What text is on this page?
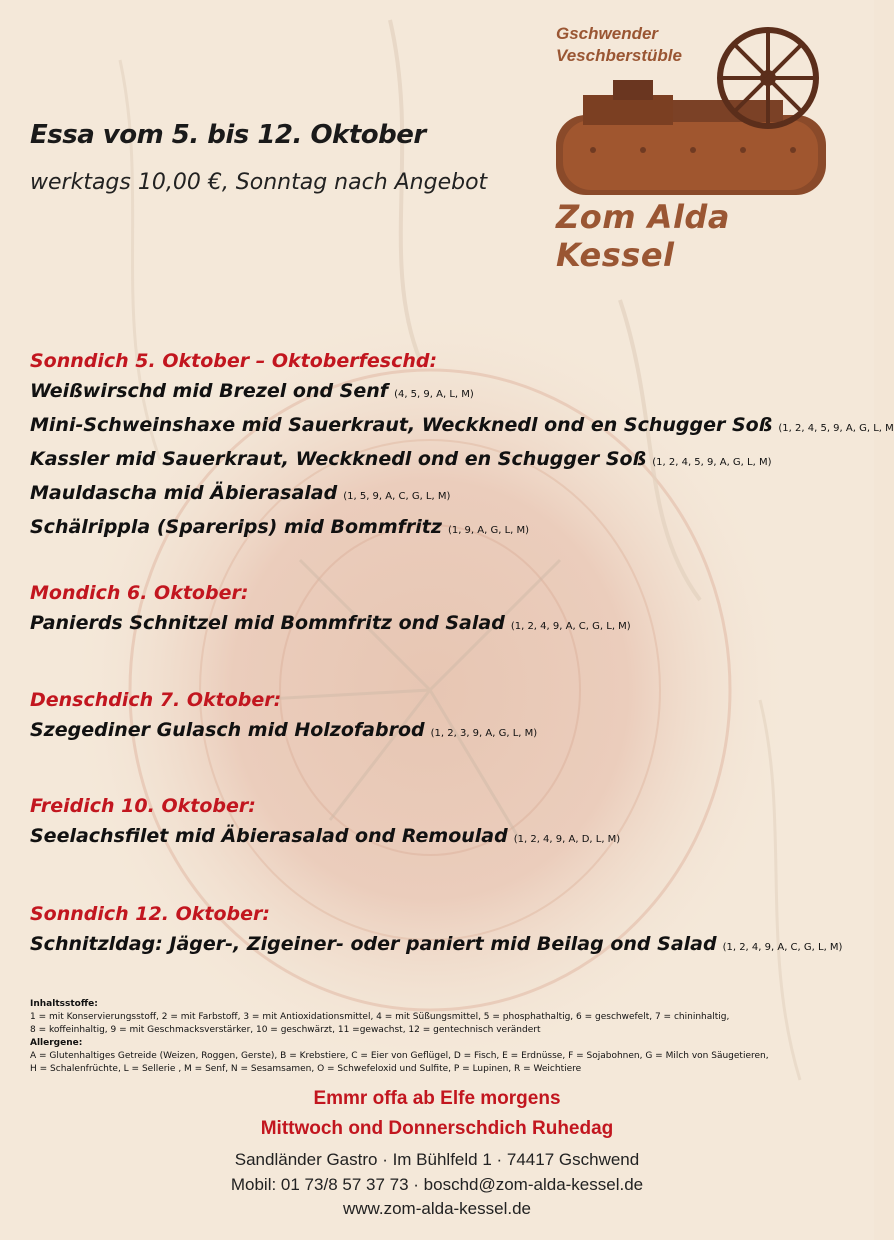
Essa vom 5. bis 12. Oktober
werktags 10,00 €, Sonntag nach Angebot
Gschwender
Veschberstüble
Zom Alda Kessel
Sonndich 5. Oktober – Oktoberfeschd:
Weißwirschd mid Brezel ond Senf (4, 5, 9, A, L, M)
Mini-Schweinshaxe mid Sauerkraut, Weckknedl ond en Schugger Soß (1, 2, 4, 5, 9, A, G, L, M
Kassler mid Sauerkraut, Weckknedl ond en Schugger Soß (1, 2, 4, 5, 9, A, G, L, M)
Mauldascha mid Äbierasalad (1, 5, 9, A, C, G, L, M)
Schälrippla (Sparerips) mid Bommfritz (1, 9, A, G, L, M)
Mondich 6. Oktober:
Panierds Schnitzel mid Bommfritz ond Salad (1, 2, 4, 9, A, C, G, L, M)
Denschdich 7. Oktober:
Szegediner Gulasch mid Holzofabrod (1, 2, 3, 9, A, G, L, M)
Freidich 10. Oktober:
Seelachsfilet mid Äbierasalad ond Remoulad (1, 2, 4, 9, A, D, L, M)
Sonndich 12. Oktober:
Schnitzldag: Jäger-, Zigeiner- oder paniert mid Beilag ond Salad (1, 2, 4, 9, A, C, G, L, M)
Inhaltsstoffe:
1 = mit Konservierungsstoff, 2 = mit Farbstoff, 3 = mit Antioxidationsmittel, 4 = mit Süßungsmittel, 5 = phosphathaltig, 6 = geschwefelt, 7 = chininhaltig,
8 = koffeinhaltig, 9 = mit Geschmacksverstärker, 10 = geschwärzt, 11 =gewachst, 12 = gentechnisch verändert
Allergene:
A = Glutenhaltiges Getreide (Weizen, Roggen, Gerste), B = Krebstiere, C = Eier von Geflügel, D = Fisch, E = Erdnüsse, F = Sojabohnen, G = Milch von Säugetieren,
H = Schalenfrüchte, L = Sellerie , M = Senf, N = Sesamsamen, O = Schwefeloxid und Sulfite, P = Lupinen, R = Weichtiere
Emmr offa ab Elfe morgens
Mittwoch ond Donnerschdich Ruhedag
Sandländer Gastro · Im Bühlfeld 1 · 74417 Gschwend
Mobil: 01 73/8 57 37 73 · boschd@zom-alda-kessel.de
www.zom-alda-kessel.de
